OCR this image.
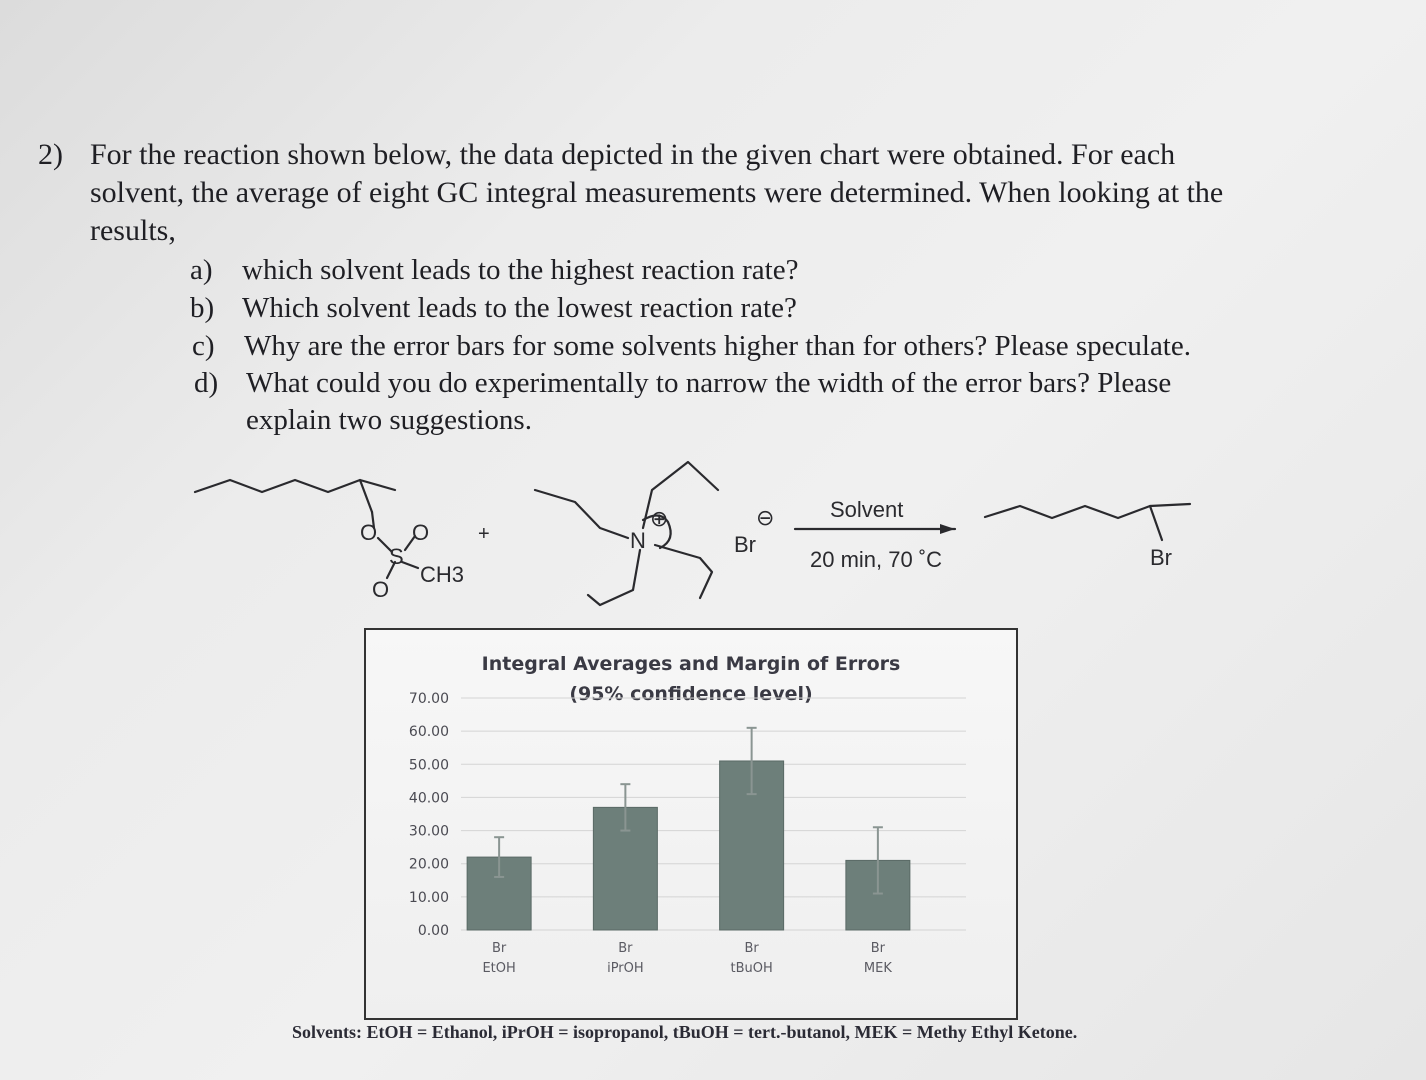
2) For the reaction shown below, the data depicted in the given chart were obtained. For each
solvent, the average of eight GC integral measurements were determined. When looking at the
results,
a) which solvent leads to the highest reaction rate?
b) Which solvent leads to the lowest reaction rate?
c) Why are the error bars for some solvents higher than for others? Please speculate.
d) What could you do experimentally to narrow the width of the error bars? Please
explain two suggestions.
O O
S
O
CH3
+	N
⊕	⊖
Br
Solvent
20 min, 70 ˚C	Br
Integral Averages and Margin of Errors
(95% confidence level)
70.00
60.00
50.00
40.00
30.00
20.00
10.00
0.00
Br
EtOH
Br
iPrOH
Br
tBuOH
Br
MEK
Solvents: EtOH = Ethanol, iPrOH = isopropanol, tBuOH = tert.-butanol, MEK = Methy Ethyl Ketone.
